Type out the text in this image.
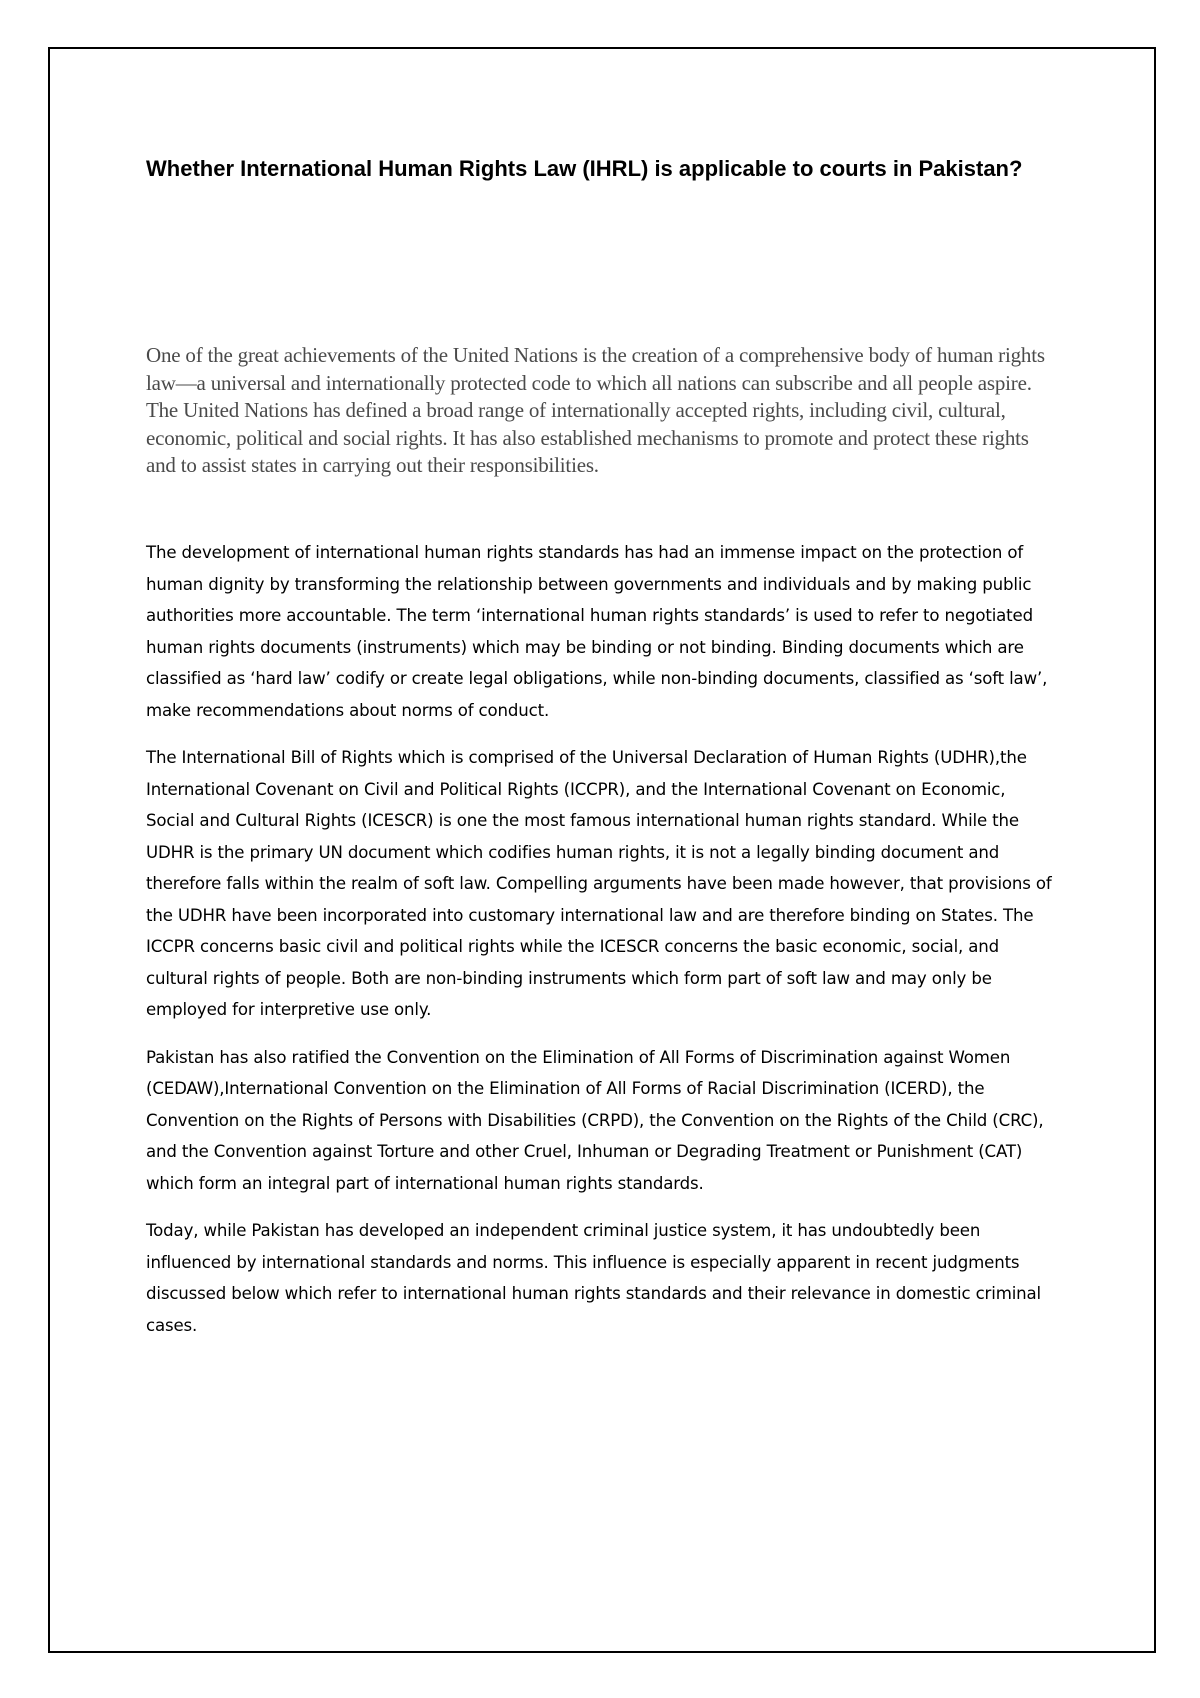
Whether International Human Rights Law (IHRL) is applicable to courts in Pakistan?

One of the great achievements of the United Nations is the creation of a comprehensive body of human rights law—a universal and internationally protected code to which all nations can subscribe and all people aspire. The United Nations has defined a broad range of internationally accepted rights, including civil, cultural, economic, political and social rights. It has also established mechanisms to promote and protect these rights and to assist states in carrying out their responsibilities.

The development of international human rights standards has had an immense impact on the protection of human dignity by transforming the relationship between governments and individuals and by making public authorities more accountable. The term ‘international human rights standards’ is used to refer to negotiated human rights documents (instruments) which may be binding or not binding. Binding documents which are classified as ‘hard law’ codify or create legal obligations, while non-binding documents, classified as ‘soft law’, make recommendations about norms of conduct.

The International Bill of Rights which is comprised of the Universal Declaration of Human Rights (UDHR),the International Covenant on Civil and Political Rights (ICCPR), and the International Covenant on Economic, Social and Cultural Rights (ICESCR) is one the most famous international human rights standard. While the UDHR is the primary UN document which codifies human rights, it is not a legally binding document and therefore falls within the realm of soft law. Compelling arguments have been made however, that provisions of the UDHR have been incorporated into customary international law and are therefore binding on States. The ICCPR concerns basic civil and political rights while the ICESCR concerns the basic economic, social, and cultural rights of people. Both are non-binding instruments which form part of soft law and may only be employed for interpretive use only.

Pakistan has also ratified the Convention on the Elimination of All Forms of Discrimination against Women (CEDAW),International Convention on the Elimination of All Forms of Racial Discrimination (ICERD), the Convention on the Rights of Persons with Disabilities (CRPD), the Convention on the Rights of the Child (CRC), and the Convention against Torture and other Cruel, Inhuman or Degrading Treatment or Punishment (CAT) which form an integral part of international human rights standards.

Today, while Pakistan has developed an independent criminal justice system, it has undoubtedly been influenced by international standards and norms. This influence is especially apparent in recent judgments discussed below which refer to international human rights standards and their relevance in domestic criminal cases.
